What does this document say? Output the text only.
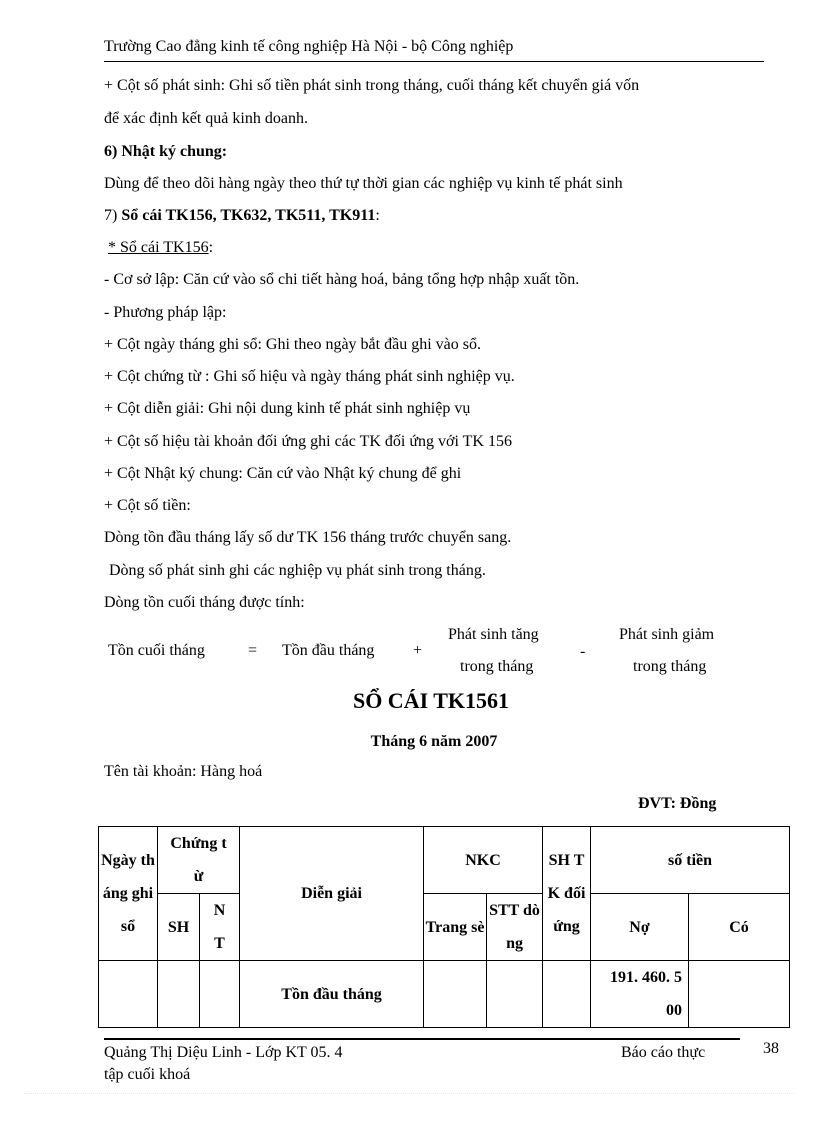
Trường Cao đẳng kinh tế công nghiệp Hà Nội - bộ Công nghiệp
+ Cột số phát sinh: Ghi số tiền phát sinh trong tháng, cuối tháng kết chuyển giá vốn
để xác định kết quả kinh doanh.
6) Nhật ký chung:
Dùng để theo dõi hàng ngày theo thứ tự thời gian các nghiệp vụ kinh tế phát sinh
7) Sổ cái TK156, TK632, TK511, TK911:
* Sổ cái TK156:
- Cơ sở lập: Căn cứ vào sổ chi tiết hàng hoá, bảng tổng hợp nhập xuất tồn.
- Phương pháp lập:
+ Cột ngày tháng ghi sổ: Ghi theo ngày bắt đầu ghi vào sổ.
+ Cột chứng từ : Ghi số hiệu và ngày tháng phát sinh nghiệp vụ.
+ Cột diễn giải: Ghi nội dung kinh tế phát sinh nghiệp vụ
+ Cột số hiệu tài khoản đối ứng ghi các TK đối ứng với TK 156
+ Cột Nhật ký chung: Căn cứ vào Nhật ký chung để ghi
+ Cột số tiền:
Dòng tồn đầu tháng lấy số dư TK 156 tháng trước chuyển sang.
Dòng số phát sinh ghi các nghiệp vụ phát sinh trong tháng.
Dòng tồn cuối tháng được tính:
Tồn cuối tháng	= Tồn đầu tháng +
Phát sinh tăng
trong tháng
-
Phát sinh giảm
trong tháng
SỔ CÁI TK1561
Tháng 6 năm 2007
Tên tài khoản: Hàng hoá
ĐVT: Đồng
Ngày tháng ghi sổ	Chứng từ		Diễn giải	NKC		SH TK đối ứng	số tiền	
	SH	N T		Trang sè	STT dòng		Nợ	Có
			Tồn đầu tháng				191. 460. 500	
Quảng Thị Diệu Linh - Lớp KT 05. 4	Báo cáo thực
tập cuối khoá
38
